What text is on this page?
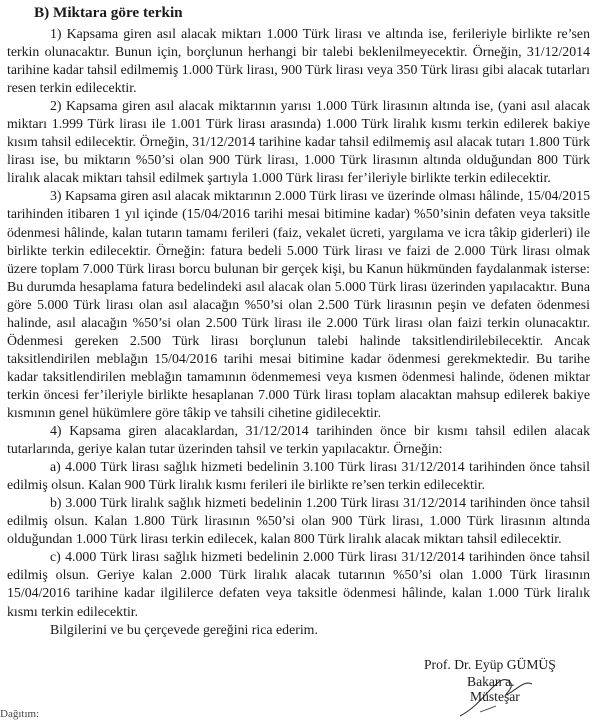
B) Miktara göre terkin

1) Kapsama giren asıl alacak miktarı 1.000 Türk lirası ve altında ise, ferileriyle birlikte re’sen terkin olunacaktır. Bunun için, borçlunun herhangi bir talebi beklenilmeyecektir. Örneğin, 31/12/2014 tarihine kadar tahsil edilmemiş 1.000 Türk lirası, 900 Türk lirası veya 350 Türk lirası gibi alacak tutarları resen terkin edilecektir.

2) Kapsama giren asıl alacak miktarının yarısı 1.000 Türk lirasının altında ise, (yani asıl alacak miktarı 1.999 Türk lirası ile 1.001 Türk lirası arasında) 1.000 Türk liralık kısmı terkin edilerek bakiye kısım tahsil edilecektir. Örneğin, 31/12/2014 tarihine kadar tahsil edilmemiş asıl alacak tutarı 1.800 Türk lirası ise, bu miktarın %50’si olan 900 Türk lirası, 1.000 Türk lirasının altında olduğundan 800 Türk liralık alacak miktarı tahsil edilmek şartıyla 1.000 Türk lirası fer’ileriyle birlikte terkin edilecektir.

3) Kapsama giren asıl alacak miktarının 2.000 Türk lirası ve üzerinde olması hâlinde, 15/04/2015 tarihinden itibaren 1 yıl içinde (15/04/2016 tarihi mesai bitimine kadar) %50’sinin defaten veya taksitle ödenmesi hâlinde, kalan tutarın tamamı ferileri (faiz, vekalet ücreti, yargılama ve icra tâkip giderleri) ile birlikte terkin edilecektir. Örneğin: fatura bedeli 5.000 Türk lirası ve faizi de 2.000 Türk lirası olmak üzere toplam 7.000 Türk lirası borcu bulunan bir gerçek kişi, bu Kanun hükmünden faydalanmak isterse: Bu durumda hesaplama fatura bedelindeki asıl alacak olan 5.000 Türk lirası üzerinden yapılacaktır. Buna göre 5.000 Türk lirası olan asıl alacağın %50’si olan 2.500 Türk lirasının peşin ve defaten ödenmesi halinde, asıl alacağın %50’si olan 2.500 Türk lirası ile 2.000 Türk lirası olan faizi terkin olunacaktır. Ödenmesi gereken 2.500 Türk lirası borçlunun talebi halinde taksitlendirilebilecektir. Ancak taksitlendirilen meblağın 15/04/2016 tarihi mesai bitimine kadar ödenmesi gerekmektedir. Bu tarihe kadar taksitlendirilen meblağın tamamının ödenmemesi veya kısmen ödenmesi halinde, ödenen miktar terkin öncesi fer’ileriyle birlikte hesaplanan 7.000 Türk lirası toplam alacaktan mahsup edilerek bakiye kısmının genel hükümlere göre tâkip ve tahsili cihetine gidilecektir.

4) Kapsama giren alacaklardan, 31/12/2014 tarihinden önce bir kısmı tahsil edilen alacak tutarlarında, geriye kalan tutar üzerinden tahsil ve terkin yapılacaktır. Örneğin:

a) 4.000 Türk lirası sağlık hizmeti bedelinin 3.100 Türk lirası 31/12/2014 tarihinden önce tahsil edilmiş olsun. Kalan 900 Türk liralık kısmı ferileri ile birlikte re’sen terkin edilecektir.

b) 3.000 Türk liralık sağlık hizmeti bedelinin 1.200 Türk lirası 31/12/2014 tarihinden önce tahsil edilmiş olsun. Kalan 1.800 Türk lirasının %50’si olan 900 Türk lirası, 1.000 Türk lirasının altında olduğundan 1.000 Türk lirası terkin edilecek, kalan 800 Türk liralık alacak miktarı tahsil edilecektir.

c) 4.000 Türk lirası sağlık hizmeti bedelinin 2.000 Türk lirası 31/12/2014 tarihinden önce tahsil edilmiş olsun. Geriye kalan 2.000 Türk liralık alacak tutarının %50’si olan 1.000 Türk lirasının 15/04/2016 tarihine kadar ilgililerce defaten veya taksitle ödenmesi hâlinde, kalan 1.000 Türk liralık kısmı terkin edilecektir.

Bilgilerini ve bu çerçevede gereğini rica ederim.

Prof. Dr. Eyüp GÜMÜŞ
Bakan a.
Müsteşar
Dağıtım:
